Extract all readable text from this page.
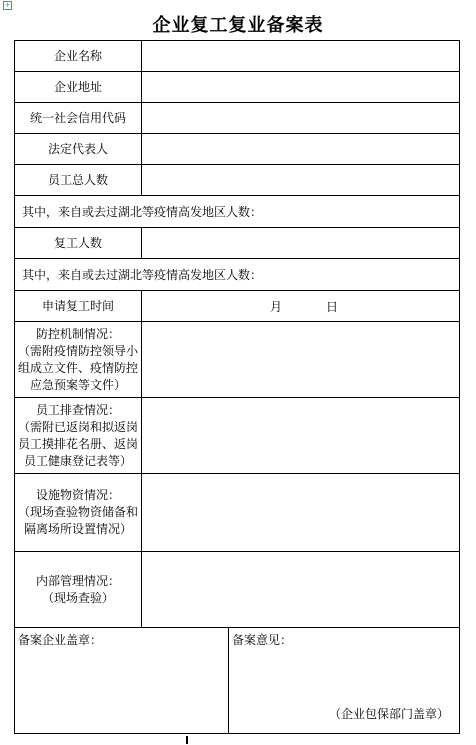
+
企业复工复业备案表
企业名称
企业地址
统一社会信用代码
法定代表人
员工总人数
其中，来自或去过湖北等疫情高发地区人数：
复工人数
其中，来自或去过湖北等疫情高发地区人数：
申请复工时间	月	日
防控机制情况：
（需附疫情防控领导小组成立文件、疫情防控应急预案等文件）
员工排查情况：
（需附已返岗和拟返岗员工摸排花名册、返岗员工健康登记表等）
设施物资情况：
（现场查验物资储备和隔离场所设置情况）
内部管理情况：
（现场查验）
备案企业盖章：	备案意见：
（企业包保部门盖章）
